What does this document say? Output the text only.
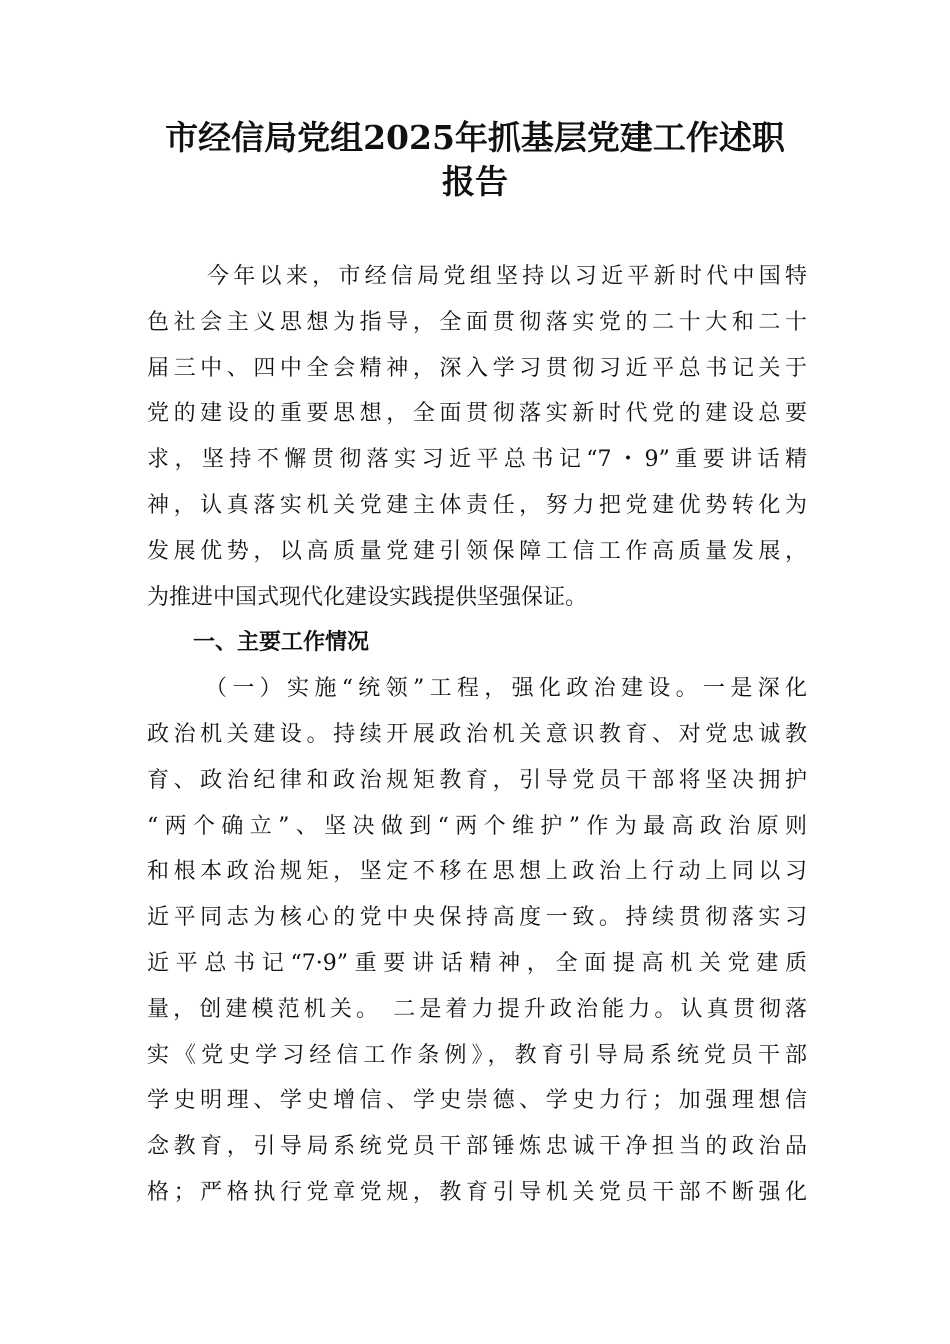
市经信局党组2025年抓基层党建工作述职
报告
今年以来，市经信局党组坚持以习近平新时代中国特
色社会主义思想为指导，全面贯彻落实党的二十大和二十
届三中、四中全会精神，深入学习贯彻习近平总书记关于
党的建设的重要思想，全面贯彻落实新时代党的建设总要
求，坚持不懈贯彻落实习近平总书记“7・9”重要讲话精
神，认真落实机关党建主体责任，努力把党建优势转化为
发展优势，以高质量党建引领保障工信工作高质量发展，
为推进中国式现代化建设实践提供坚强保证。
一、主要工作情况
（一）实施“统领”工程，强化政治建设。一是深化
政治机关建设。持续开展政治机关意识教育、对党忠诚教
育、政治纪律和政治规矩教育，引导党员干部将坚决拥护
“两个确立”、坚决做到“两个维护”作为最高政治原则
和根本政治规矩，坚定不移在思想上政治上行动上同以习
近平同志为核心的党中央保持高度一致。持续贯彻落实习
近平总书记“7·9”重要讲话精神，全面提高机关党建质
量，创建模范机关。 二是着力提升政治能力。认真贯彻落
实《党史学习经信工作条例》，教育引导局系统党员干部
学史明理、学史增信、学史崇德、学史力行；加强理想信
念教育，引导局系统党员干部锤炼忠诚干净担当的政治品
格；严格执行党章党规，教育引导机关党员干部不断强化
